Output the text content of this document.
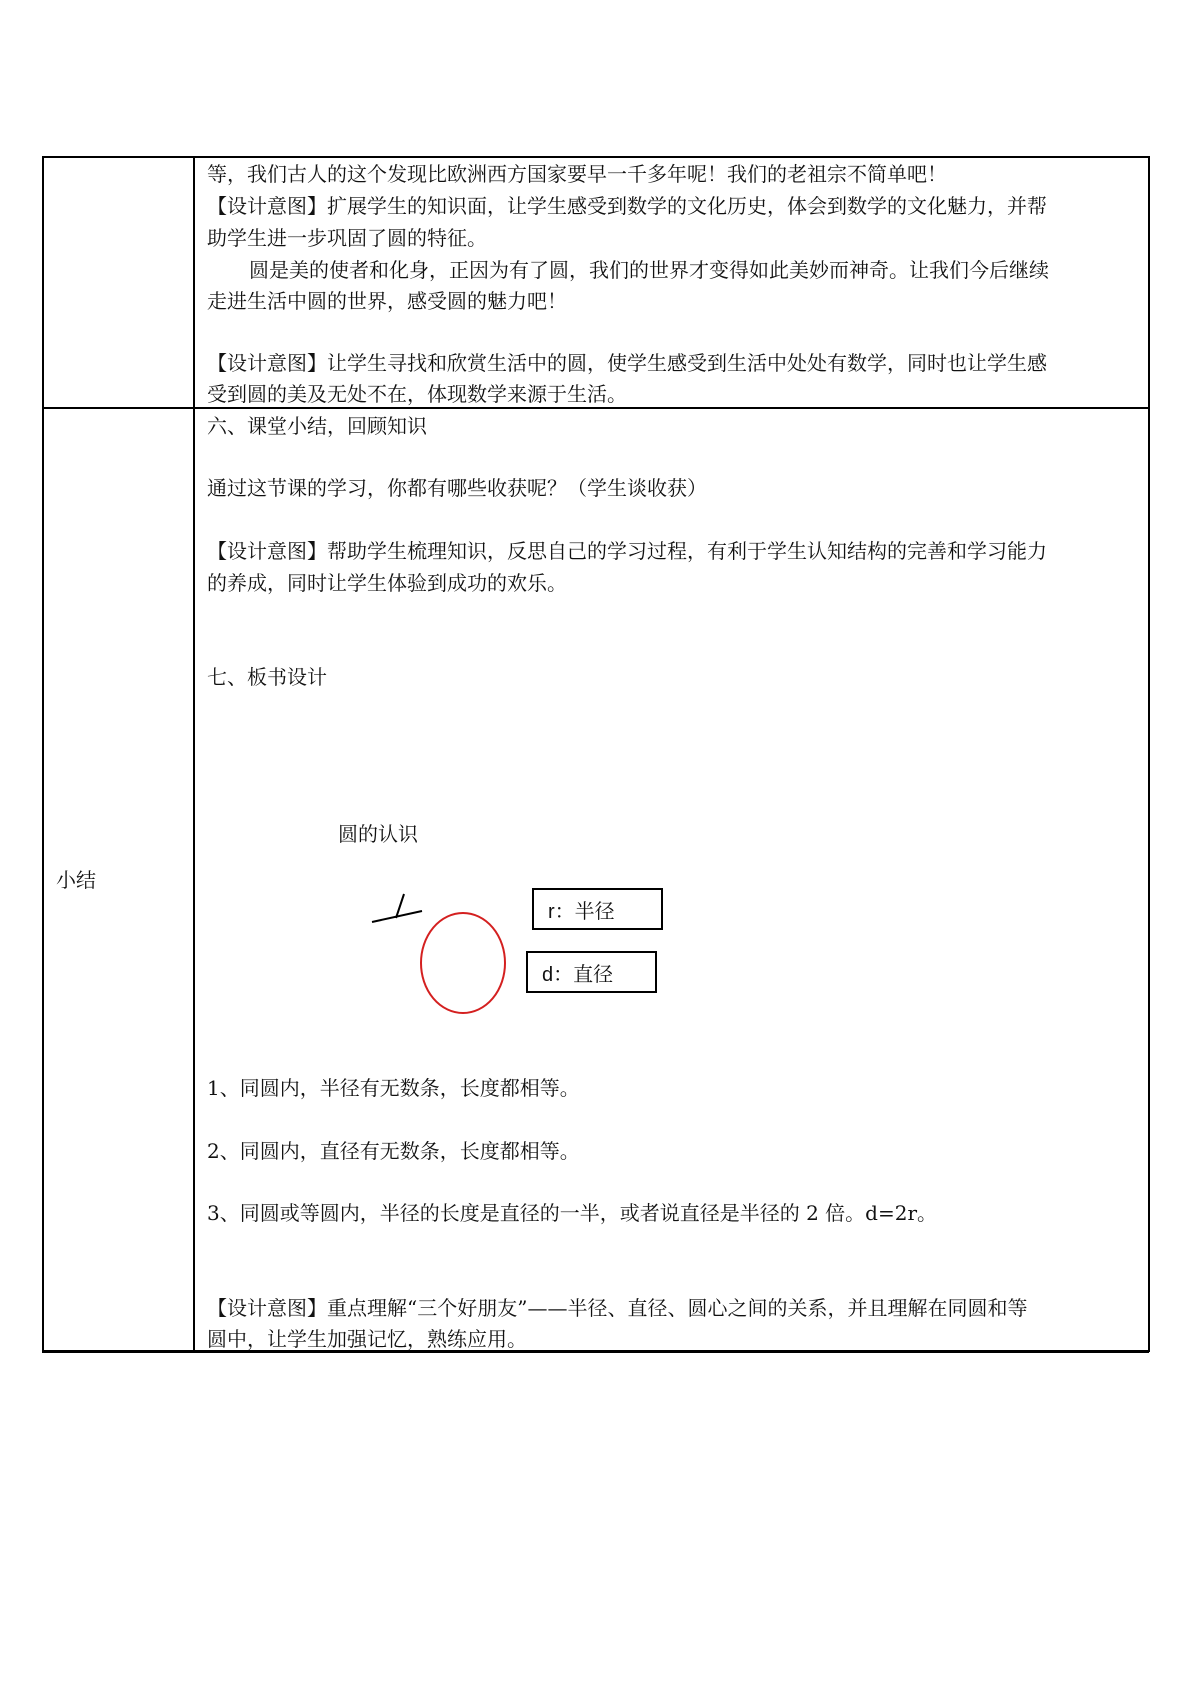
等，我们古人的这个发现比欧洲西方国家要早一千多年呢！我们的老祖宗不简单吧！
【设计意图】扩展学生的知识面，让学生感受到数学的文化历史，体会到数学的文化魅力，并帮
助学生进一步巩固了圆的特征。
圆是美的使者和化身，正因为有了圆，我们的世界才变得如此美妙而神奇。让我们今后继续
走进生活中圆的世界，感受圆的魅力吧！
【设计意图】让学生寻找和欣赏生活中的圆，使学生感受到生活中处处有数学，同时也让学生感
受到圆的美及无处不在，体现数学来源于生活。
小结
六、课堂小结，回顾知识
通过这节课的学习，你都有哪些收获呢？（学生谈收获）
【设计意图】帮助学生梳理知识，反思自己的学习过程，有利于学生认知结构的完善和学习能力
的养成，同时让学生体验到成功的欢乐。
七、板书设计
圆的认识
r：半径
d：直径
1、同圆内，半径有无数条，长度都相等。
2、同圆内，直径有无数条，长度都相等。
3、同圆或等圆内，半径的长度是直径的一半，或者说直径是半径的 2 倍。d=2r。
【设计意图】重点理解“三个好朋友”——半径、直径、圆心之间的关系，并且理解在同圆和等
圆中，让学生加强记忆，熟练应用。
